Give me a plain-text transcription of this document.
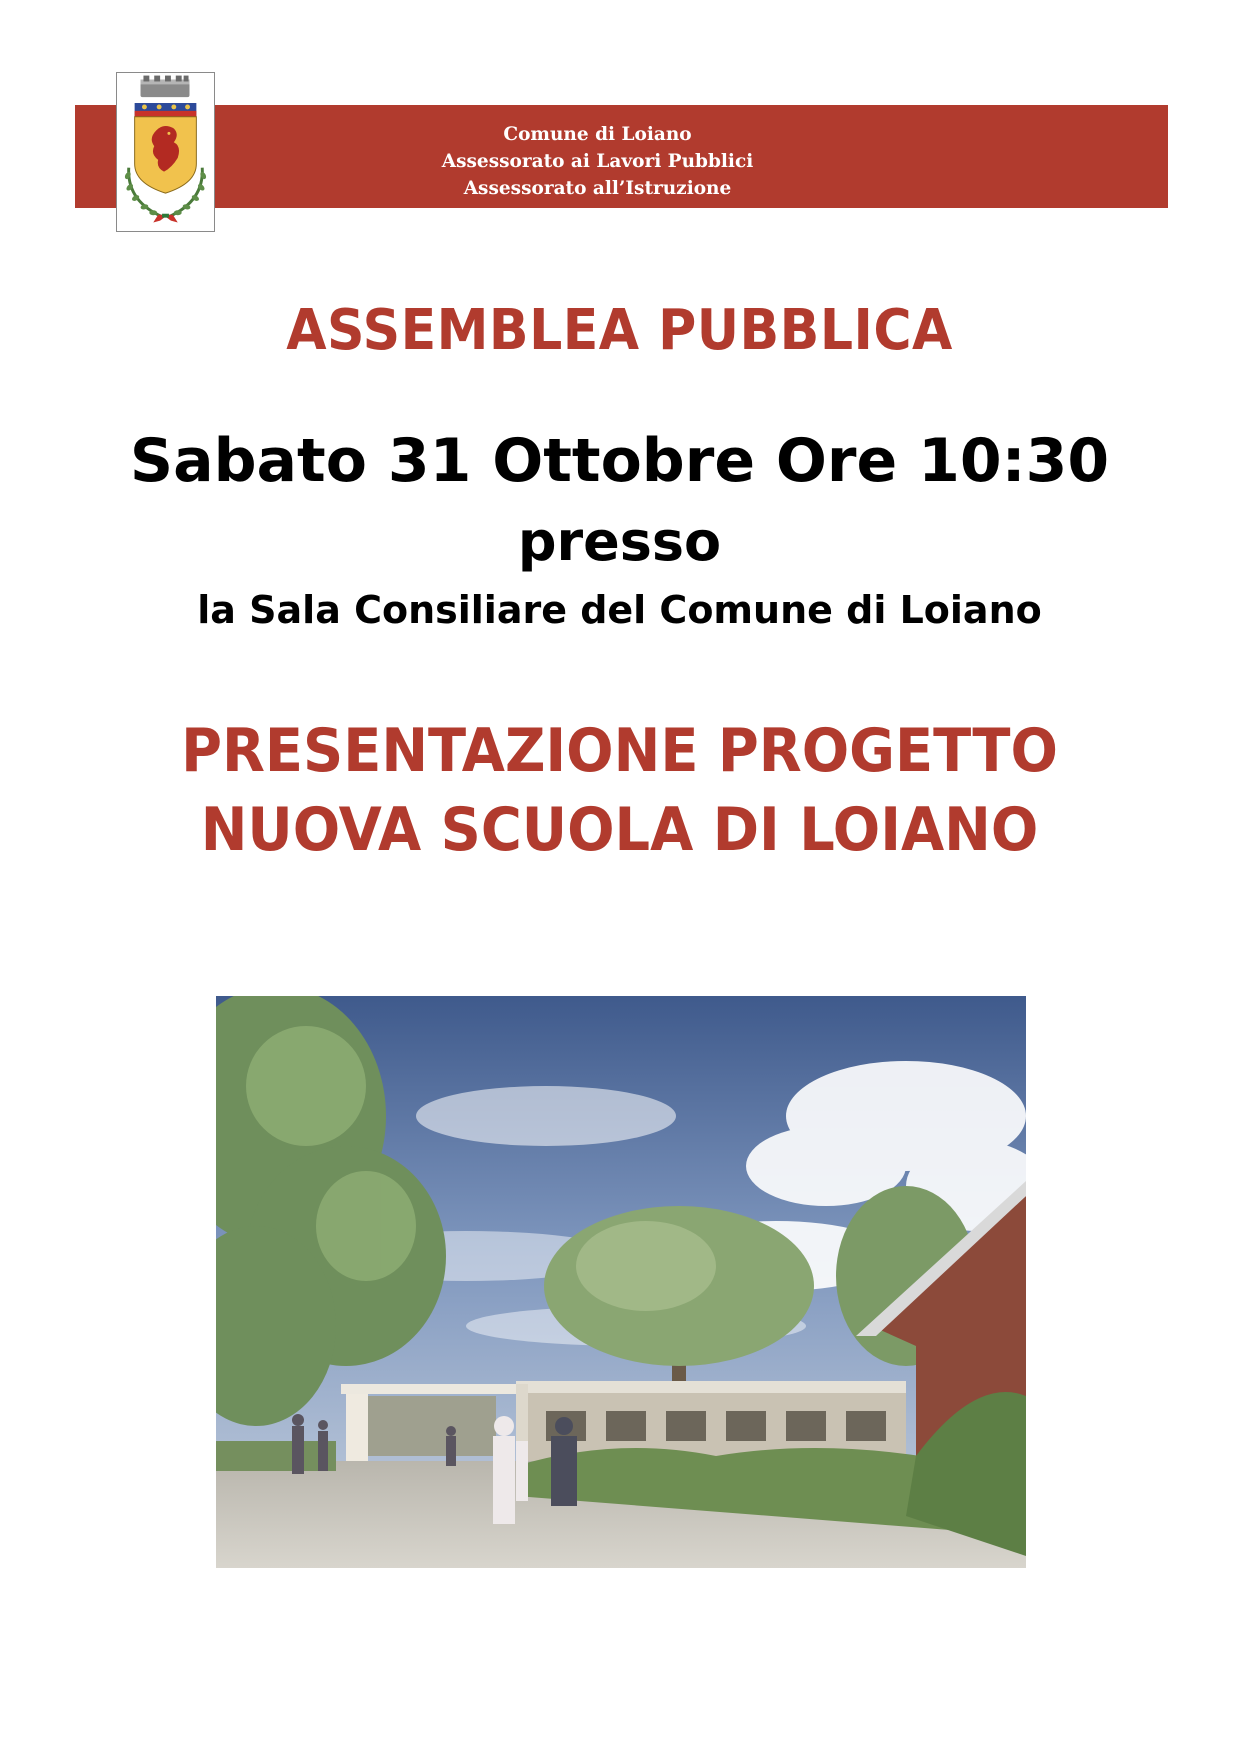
Comune di Loiano
Assessorato ai Lavori Pubblici
Assessorato all’Istruzione
ASSEMBLEA PUBBLICA
Sabato 31 Ottobre Ore 10:30
presso
la Sala Consiliare del Comune di Loiano
PRESENTAZIONE PROGETTO
NUOVA SCUOLA DI LOIANO
